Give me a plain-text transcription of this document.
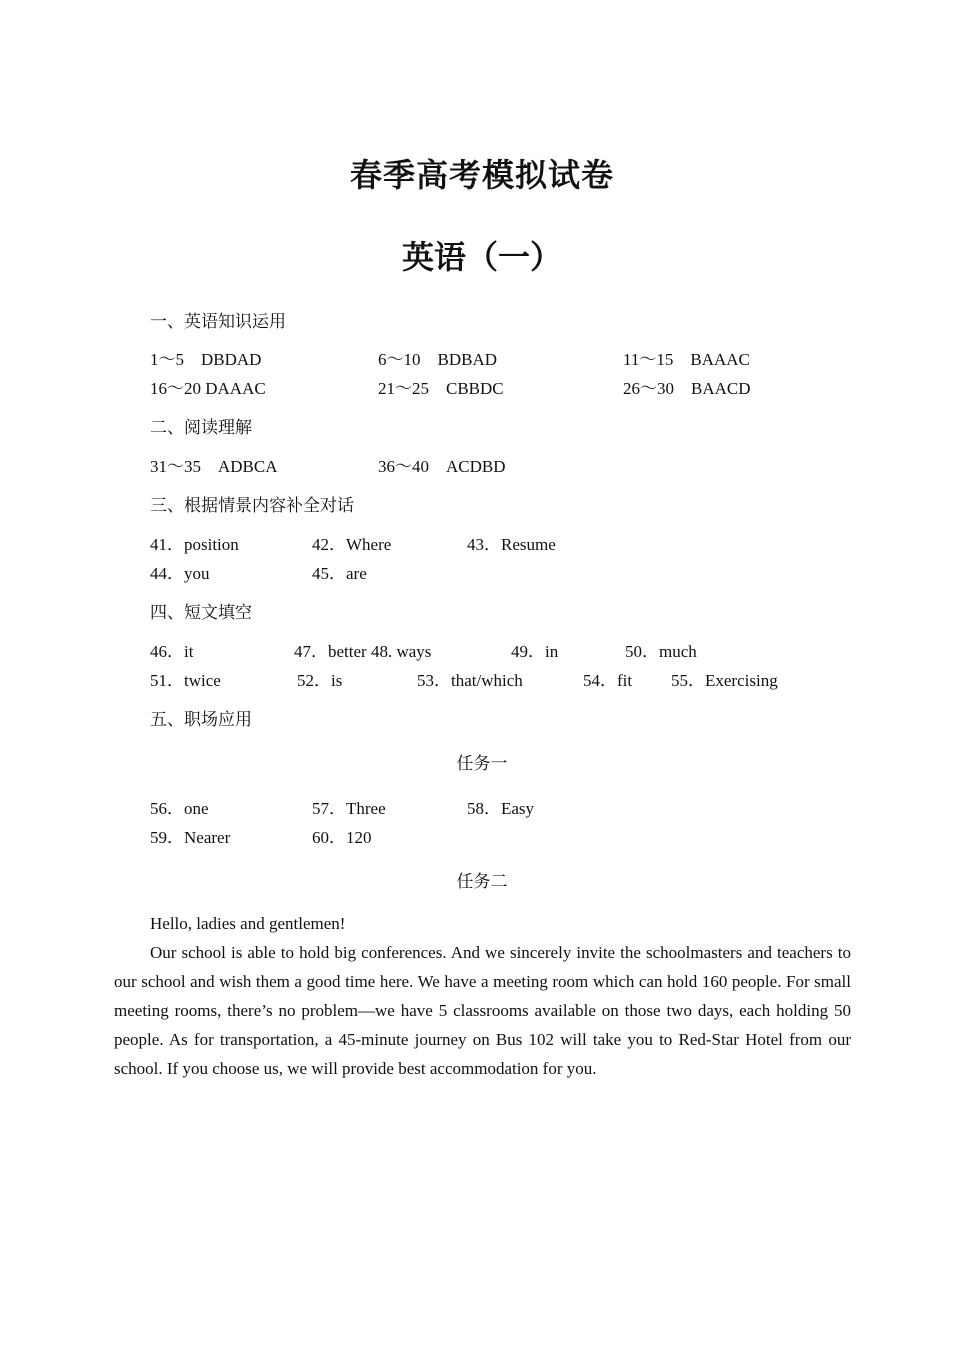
春季高考模拟试卷
英语（一）
一、英语知识运用
1～5　DBDAD	6～10　BDBAD	11～15　BAAAC
16～20 DAAAC	21～25　CBBDC	26～30　BAACD
二、阅读理解
31～35　ADBCA	36～40　ACDBD
三、根据情景内容补全对话
41．position	42．Where	43．Resume
44．you	45．are
四、短文填空
46．it	47．better 48. ways	49．in	50．much
51．twice	52．is	53．that/which	54．fit 55．Exercising
五、职场应用
任务一
56．one	57．Three	58．Easy
59．Nearer	60．120
任务二

Hello, ladies and gentlemen!

Our school is able to hold big conferences. And we sincerely invite the schoolmasters and teachers to our school and wish them a good time here. We have a meeting room which can hold 160 people. For small meeting rooms, there’s no problem—we have 5 classrooms available on those two days, each holding 50 people. As for transportation, a 45-minute journey on Bus 102 will take you to Red-Star Hotel from our school. If you choose us, we will provide best accommodation for you.
